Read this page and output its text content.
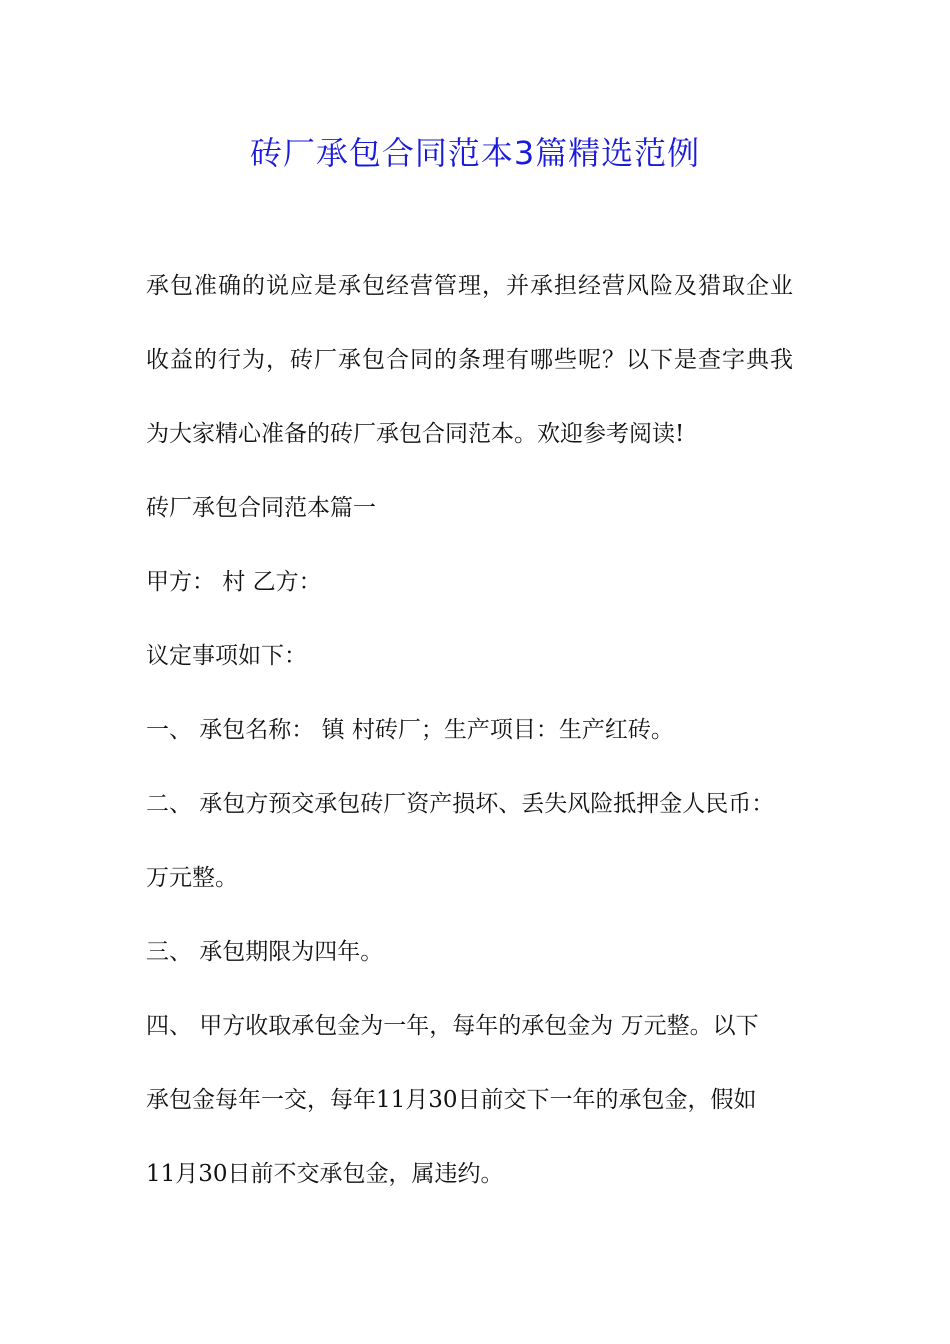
砖厂承包合同范本3篇精选范例

承包准确的说应是承包经营管理，并承担经营风险及猎取企业

收益的行为，砖厂承包合同的条理有哪些呢？以下是查字典我

为大家精心准备的砖厂承包合同范本。欢迎参考阅读!

砖厂承包合同范本篇一

甲方： 村 乙方：

议定事项如下：

一、 承包名称： 镇 村砖厂；生产项目：生产红砖。

二、 承包方预交承包砖厂资产损坏、丢失风险抵押金人民币：

万元整。

三、 承包期限为四年。

四、 甲方收取承包金为一年，每年的承包金为 万元整。以下

承包金每年一交，每年11月30日前交下一年的承包金，假如

11月30日前不交承包金，属违约。
